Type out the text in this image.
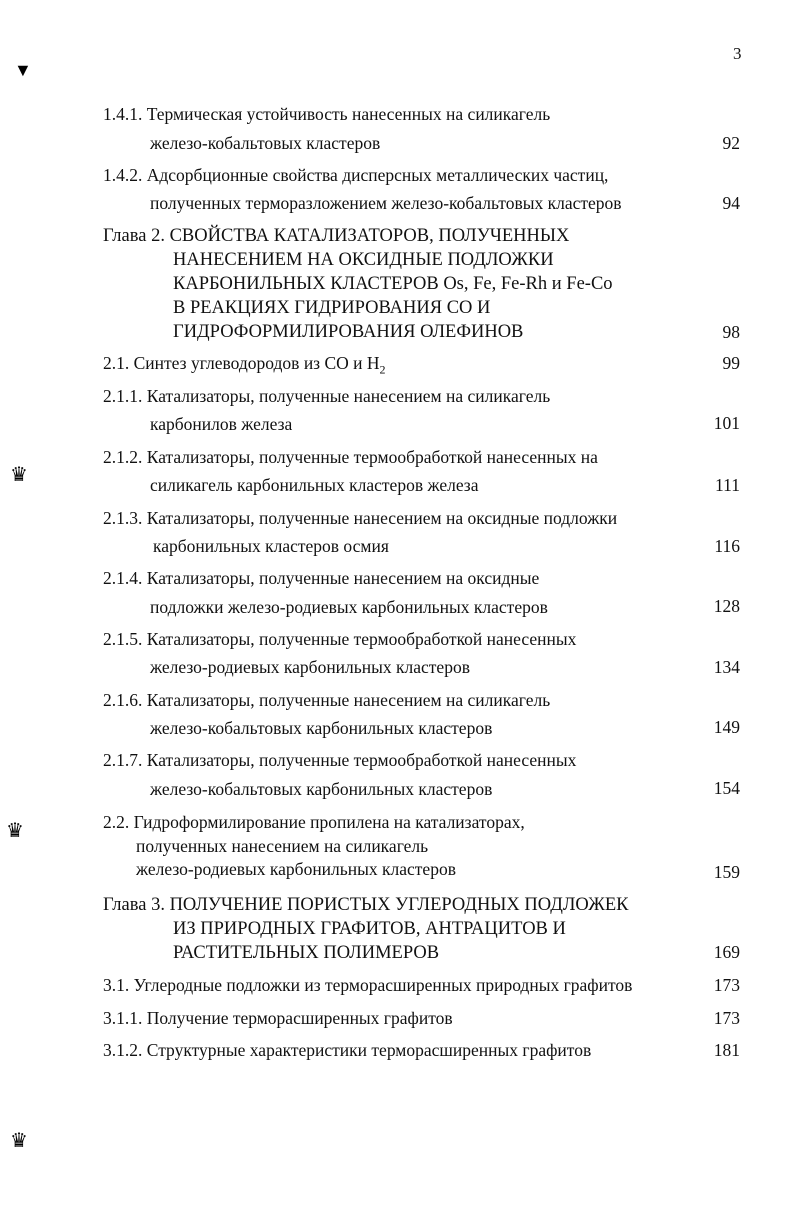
3
▼
♛
♛
♛
1.4.1. Термическая устойчивость нанесенных на силикагель
железо-кобальтовых кластеров	92
1.4.2. Адсорбционные свойства дисперсных металлических частиц,
полученных терморазложением железо-кобальтовых кластеров	94
Глава 2. СВОЙСТВА КАТАЛИЗАТОРОВ, ПОЛУЧЕННЫХ
НАНЕСЕНИЕМ НА ОКСИДНЫЕ ПОДЛОЖКИ
КАРБОНИЛЬНЫХ КЛАСТЕРОВ Os, Fe, Fe-Rh и Fe-Co
В РЕАКЦИЯХ ГИДРИРОВАНИЯ СО И
ГИДРОФОРМИЛИРОВАНИЯ ОЛЕФИНОВ	98
2.1. Синтез углеводородов из СО и $Н_2$	99
2.1.1. Катализаторы, полученные нанесением на силикагель
карбонилов железа	101
2.1.2. Катализаторы, полученные термообработкой нанесенных на
силикагель карбонильных кластеров железа	111
2.1.3. Катализаторы, полученные нанесением на оксидные подложки
карбонильных кластеров осмия	116
2.1.4. Катализаторы, полученные нанесением на оксидные
подложки железо-родиевых карбонильных кластеров	128
2.1.5. Катализаторы, полученные термообработкой нанесенных
железо-родиевых карбонильных кластеров	134
2.1.6. Катализаторы, полученные нанесением на силикагель
железо-кобальтовых карбонильных кластеров	149
2.1.7. Катализаторы, полученные термообработкой нанесенных
железо-кобальтовых карбонильных кластеров	154
2.2. Гидроформилирование пропилена на катализаторах,
полученных нанесением на силикагель
железо-родиевых карбонильных кластеров	159
Глава 3. ПОЛУЧЕНИЕ ПОРИСТЫХ УГЛЕРОДНЫХ ПОДЛОЖЕК
ИЗ ПРИРОДНЫХ ГРАФИТОВ, АНТРАЦИТОВ И
РАСТИТЕЛЬНЫХ ПОЛИМЕРОВ	169
3.1. Углеродные подложки из терморасширенных природных графитов	173
3.1.1. Получение терморасширенных графитов	173
3.1.2. Структурные характеристики терморасширенных графитов	181
